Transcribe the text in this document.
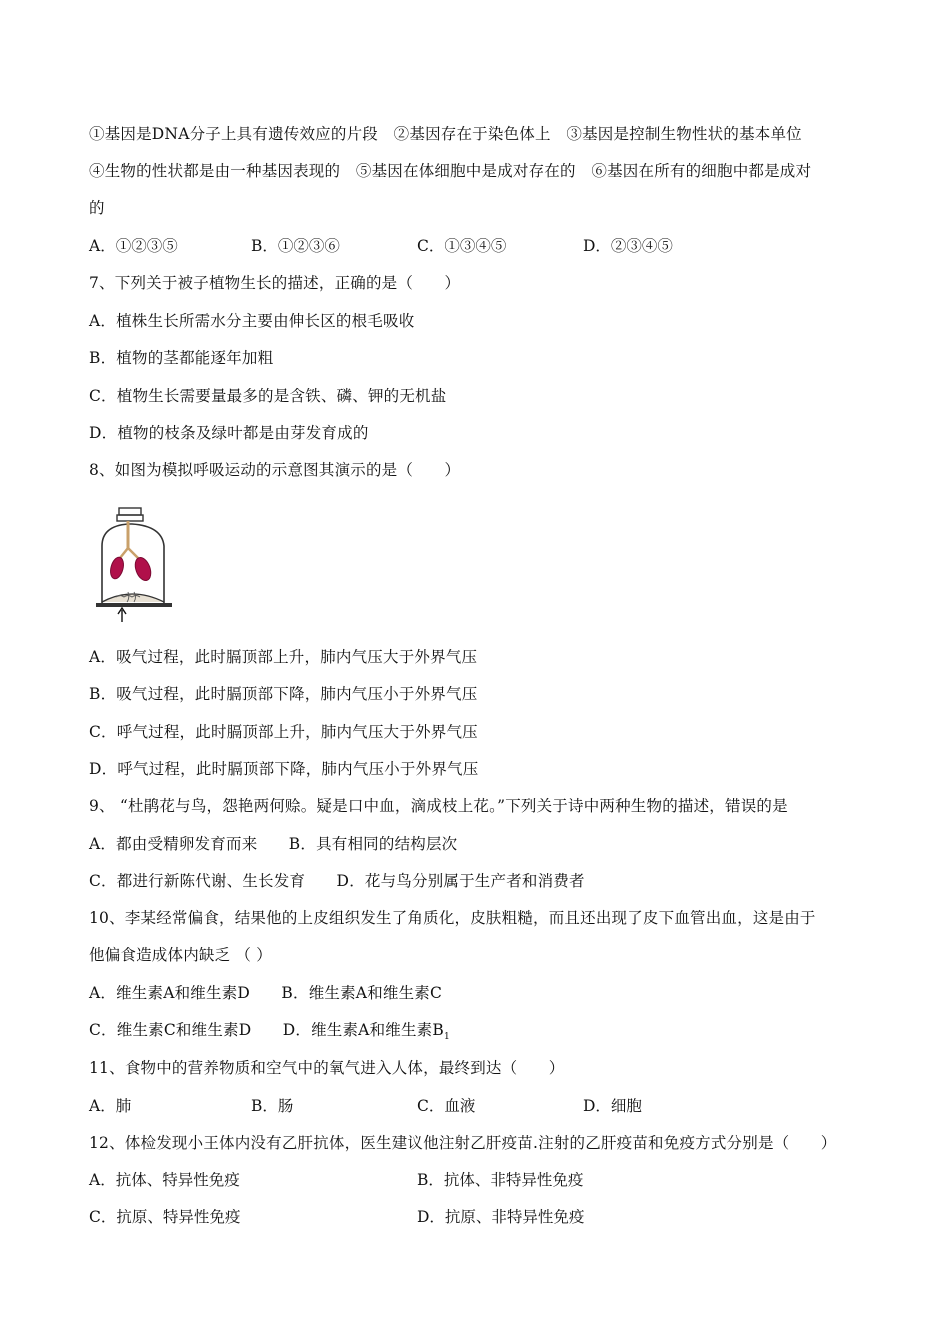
①基因是DNA分子上具有遗传效应的片段　②基因存在于染色体上　③基因是控制生物性状的基本单位
④生物的性状都是由一种基因表现的　⑤基因在体细胞中是成对存在的　⑥基因在所有的细胞中都是成对
的
A．①②③⑤	B．①②③⑥	C．①③④⑤	D．②③④⑤
7、下列关于被子植物生长的描述，正确的是（　　）
A．植株生长所需水分主要由伸长区的根毛吸收
B．植物的茎都能逐年加粗
C．植物生长需要量最多的是含铁、磷、钾的无机盐
D．植物的枝条及绿叶都是由芽发育成的
8、如图为模拟呼吸运动的示意图其演示的是（　　）
A．吸气过程，此时膈顶部上升，肺内气压大于外界气压
B．吸气过程，此时膈顶部下降，肺内气压小于外界气压
C．呼气过程，此时膈顶部上升，肺内气压大于外界气压
D．呼气过程，此时膈顶部下降，肺内气压小于外界气压
9、 “杜鹃花与鸟，怨艳两何赊。疑是口中血，滴成枝上花。”下列关于诗中两种生物的描述，错误的是
A．都由受精卵发育而来　　B．具有相同的结构层次
C．都进行新陈代谢、生长发育　　D．花与鸟分别属于生产者和消费者
10、李某经常偏食，结果他的上皮组织发生了角质化，皮肤粗糙，而且还出现了皮下血管出血，这是由于
他偏食造成体内缺乏 （ ）
A．维生素A和维生素D　　B．维生素A和维生素C
C．维生素C和维生素D　　D．维生素A和维生素$B_1$
11、食物中的营养物质和空气中的氧气进入人体，最终到达（　　）
A．肺	B．肠	C．血液	D．细胞
12、体检发现小王体内没有乙肝抗体，医生建议他注射乙肝疫苗.注射的乙肝疫苗和免疫方式分别是（　　）
A．抗体、特异性免疫	B．抗体、非特异性免疫
C．抗原、特异性免疫	D．抗原、非特异性免疫
